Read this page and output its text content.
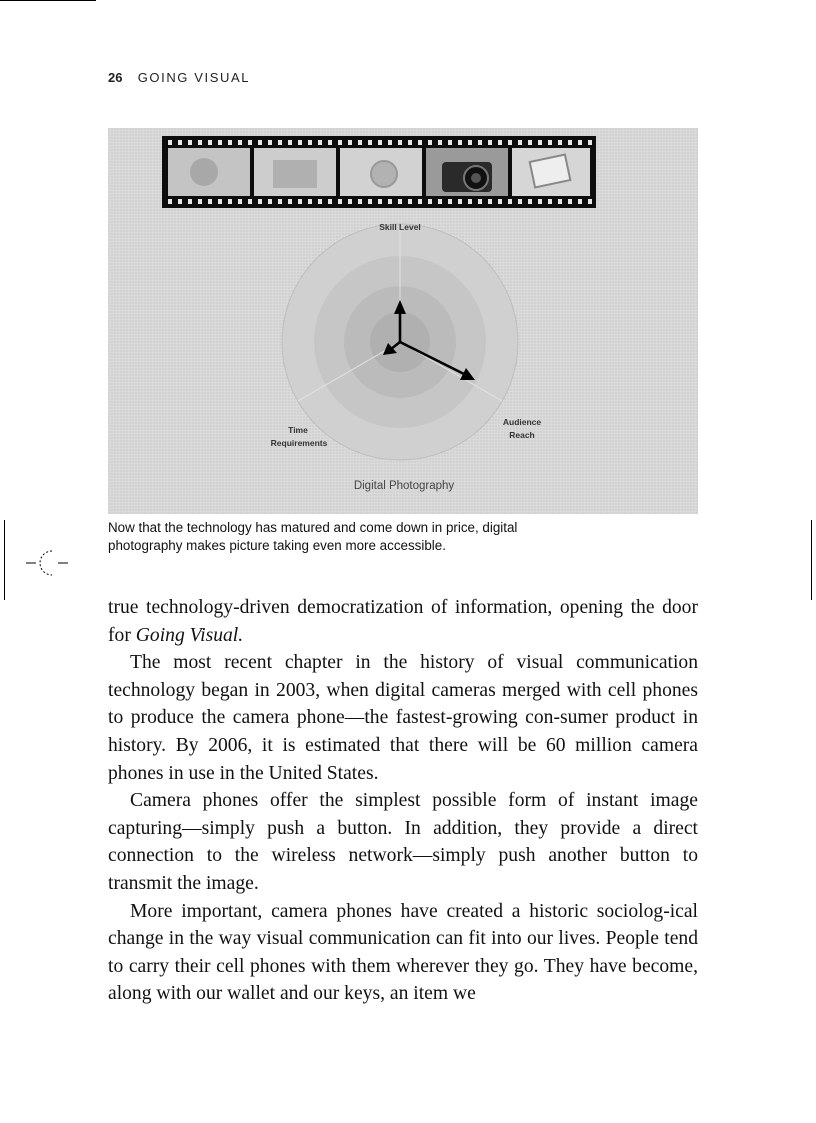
26 GOING VISUAL
Skill Level
Time
Requirements
Audience
Reach
Digital Photography
Now that the technology has matured and come down in price, digital
photography makes picture taking even more accessible.

true technology-driven democratization of information, opening the door for Going Visual.

The most recent chapter in the history of visual communication technology began in 2003, when digital cameras merged with cell phones to produce the camera phone—the fastest-growing con-sumer product in history. By 2006, it is estimated that there will be 60 million camera phones in use in the United States.

Camera phones offer the simplest possible form of instant image capturing—simply push a button. In addition, they provide a direct connection to the wireless network—simply push another button to transmit the image.

More important, camera phones have created a historic sociolog-ical change in the way visual communication can fit into our lives. People tend to carry their cell phones with them wherever they go. They have become, along with our wallet and our keys, an item we
